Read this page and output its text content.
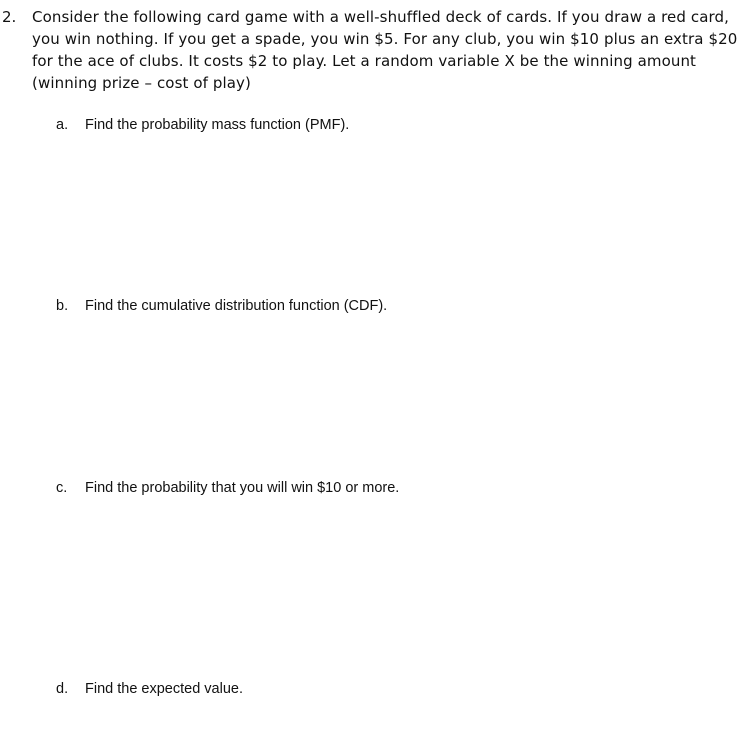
2. Consider the following card game with a well-shuffled deck of cards. If you draw a red card, you win nothing. If you get a spade, you win $5. For any club, you win $10 plus an extra $20 for the ace of clubs. It costs $2 to play. Let a random variable X be the winning amount (winning prize – cost of play)
a. Find the probability mass function (PMF).
b. Find the cumulative distribution function (CDF).
c. Find the probability that you will win $10 or more.
d. Find the expected value.
